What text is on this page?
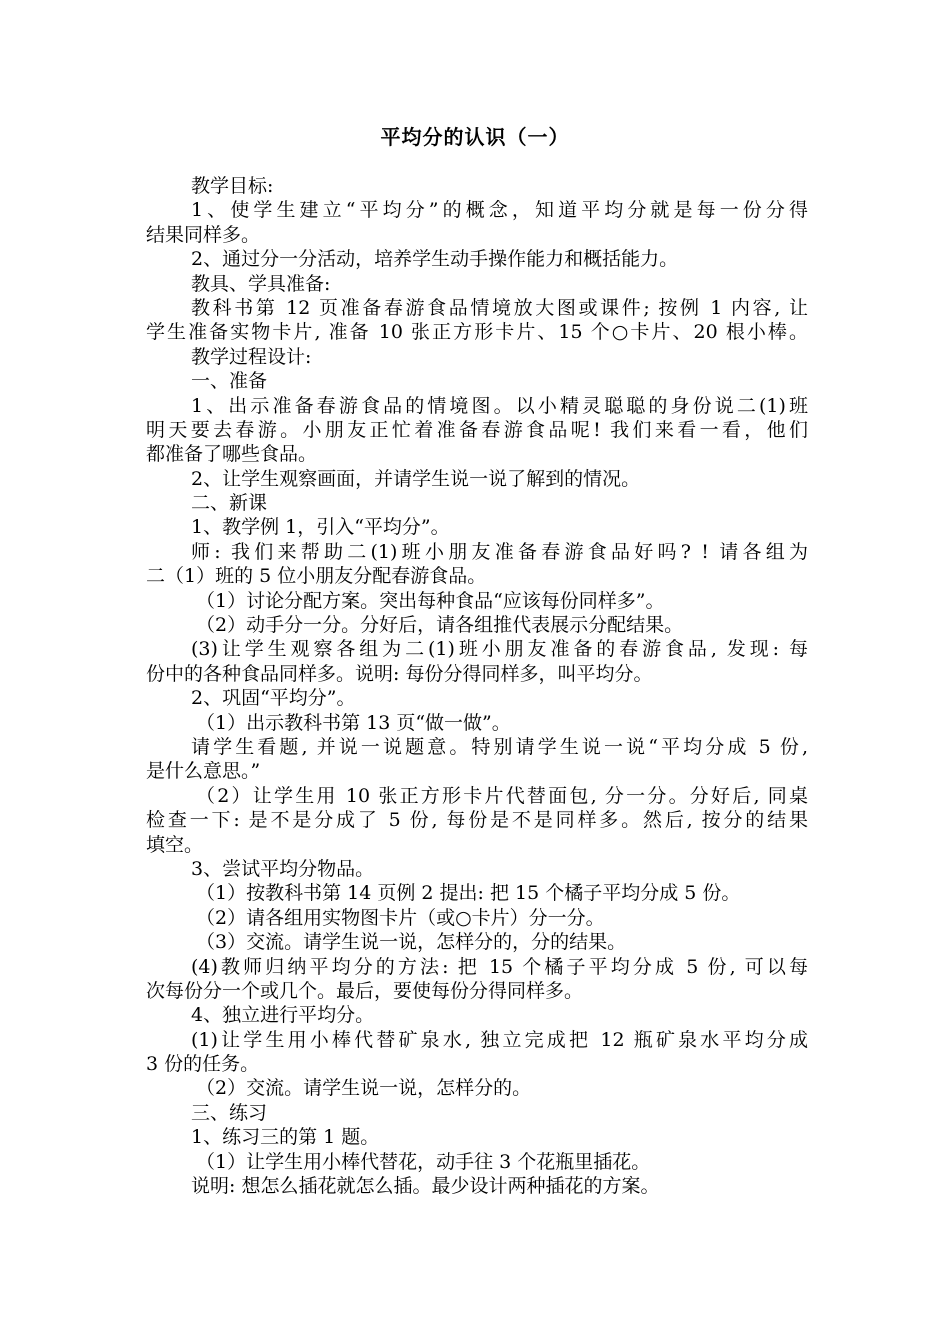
平均分的认识（一）
教学目标:
1、使学生建立“平均分”的概念，知道平均分就是每一份分得
结果同样多。
2、通过分一分活动，培养学生动手操作能力和概括能力。
教具、学具准备:
教科书第 12 页准备春游食品情境放大图或课件; 按例 1 内容, 让
学生准备实物卡片, 准备 10 张正方形卡片、15 个○卡片、20 根小棒。
教学过程设计:
一、准备
1、出示准备春游食品的情境图。以小精灵聪聪的身份说二(1)班
明天要去春游。小朋友正忙着准备春游食品呢! 我们来看一看，他们
都准备了哪些食品。
2、让学生观察画面，并请学生说一说了解到的情况。
二、新课
1、教学例 1，引入“平均分”。
师: 我们来帮助二(1)班小朋友准备春游食品好吗? ! 请各组为
二（1）班的 5 位小朋友分配春游食品。
（1）讨论分配方案。突出每种食品“应该每份同样多”。
（2）动手分一分。分好后，请各组推代表展示分配结果。
(3)让学生观察各组为二(1)班小朋友准备的春游食品, 发现: 每
份中的各种食品同样多。说明: 每份分得同样多，叫平均分。
2、巩固“平均分”。
（1）出示教科书第 13 页“做一做”。
请学生看题, 并说一说题意。特别请学生说一说“平均分成 5 份,
是什么意思。”
（2）让学生用 10 张正方形卡片代替面包, 分一分。分好后, 同桌
检查一下: 是不是分成了 5 份, 每份是不是同样多。然后, 按分的结果
填空。
3、尝试平均分物品。
（1）按教科书第 14 页例 2 提出: 把 15 个橘子平均分成 5 份。
（2）请各组用实物图卡片（或○卡片）分一分。
（3）交流。请学生说一说，怎样分的，分的结果。
(4)教师归纳平均分的方法: 把 15 个橘子平均分成 5 份, 可以每
次每份分一个或几个。最后，要使每份分得同样多。
4、独立进行平均分。
(1)让学生用小棒代替矿泉水, 独立完成把 12 瓶矿泉水平均分成
3 份的任务。
（2）交流。请学生说一说，怎样分的。
三、练习
1、练习三的第 1 题。
（1）让学生用小棒代替花，动手往 3 个花瓶里插花。
说明: 想怎么插花就怎么插。最少设计两种插花的方案。
